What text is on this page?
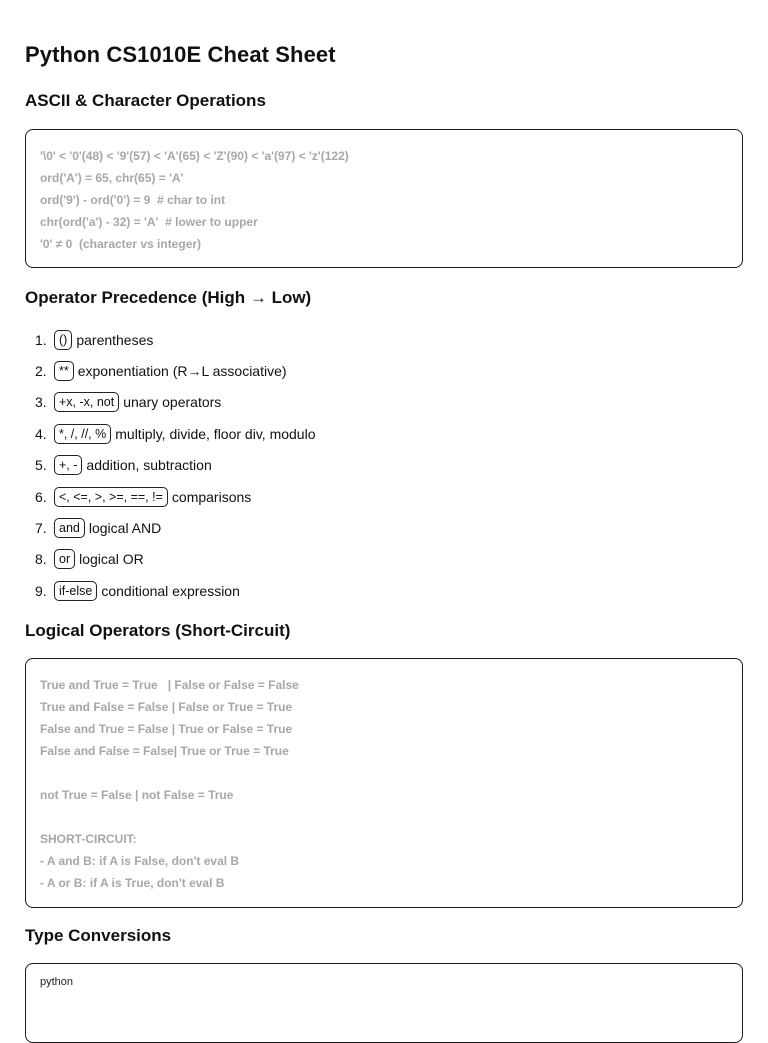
Python CS1010E Cheat Sheet
ASCII & Character Operations
'\0' < '0'(48) < '9'(57) < 'A'(65) < 'Z'(90) < 'a'(97) < 'z'(122)
ord('A') = 65, chr(65) = 'A'
ord('9') - ord('0') = 9  # char to int
chr(ord('a') - 32) = 'A'  # lower to upper
'0' ≠ 0  (character vs integer)
Operator Precedence (High → Low)
1. () parentheses
2. ** exponentiation (R→L associative)
3. +x, -x, not unary operators
4. *, /, //, % multiply, divide, floor div, modulo
5. +, - addition, subtraction
6. <, <=, >, >=, ==, != comparisons
7. and logical AND
8. or logical OR
9. if-else conditional expression
Logical Operators (Short-Circuit)
True and True = True   | False or False = False
True and False = False | False or True = True
False and True = False | True or False = True
False and False = False| True or True = True
not True = False | not False = True
SHORT-CIRCUIT:
- A and B: if A is False, don't eval B
- A or B: if A is True, don't eval B
Type Conversions
python
